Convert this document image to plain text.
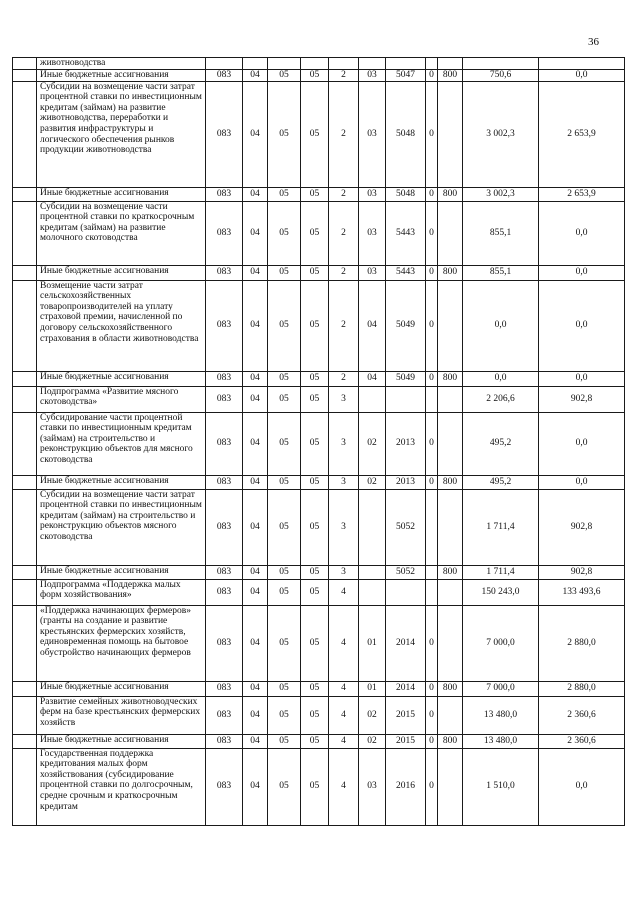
36
	животноводства											
	Иные бюджетные ассигнования	083	04	05	05	2	03	5047	0	800	750,6	0,0
	Субсидии на возмещение части затрат процентной ставки по инвестиционным кредитам (займам) на развитие животноводства, переработки и развития инфраструктуры и логического обеспечения рынков продукции животноводства	083	04	05	05	2	03	5048	0		3 002,3	2 653,9
	Иные бюджетные ассигнования	083	04	05	05	2	03	5048	0	800	3 002,3	2 653,9
	Субсидии на возмещение части процентной ставки по краткосрочным кредитам (займам) на развитие молочного скотоводства	083	04	05	05	2	03	5443	0		855,1	0,0
	Иные бюджетные ассигнования	083	04	05	05	2	03	5443	0	800	855,1	0,0
	Возмещение части затрат сельскохозяйственных товаропроизводителей на уплату страховой премии, начисленной по договору сельскохозяйственного страхования в области животноводства	083	04	05	05	2	04	5049	0		0,0	0,0
	Иные бюджетные ассигнования	083	04	05	05	2	04	5049	0	800	0,0	0,0
	Подпрограмма «Развитие мясного скотоводства»	083	04	05	05	3					2 206,6	902,8
	Субсидирование части процентной ставки по инвестиционным кредитам (займам) на строительство и реконструкцию объектов для мясного скотоводства	083	04	05	05	3	02	2013	0		495,2	0,0
	Иные бюджетные ассигнования	083	04	05	05	3	02	2013	0	800	495,2	0,0
	Субсидии на возмещение части затрат процентной ставки по инвестиционным кредитам (займам) на строительство и реконструкцию объектов мясного скотоводства	083	04	05	05	3		5052			1 711,4	902,8
	Иные бюджетные ассигнования	083	04	05	05	3		5052		800	1 711,4	902,8
	Подпрограмма «Поддержка малых форм хозяйствования»	083	04	05	05	4					150 243,0	133 493,6
	«Поддержка начинающих фермеров» (гранты на создание и развитие крестьянских фермерских хозяйств, единовременная помощь на бытовое обустройство начинающих фермеров	083	04	05	05	4	01	2014	0		7 000,0	2 880,0
	Иные бюджетные ассигнования	083	04	05	05	4	01	2014	0	800	7 000,0	2 880,0
	Развитие семейных животноводческих ферм на базе крестьянских фермерских хозяйств	083	04	05	05	4	02	2015	0		13 480,0	2 360,6
	Иные бюджетные ассигнования	083	04	05	05	4	02	2015	0	800	13 480,0	2 360,6
	Государственная поддержка кредитования малых форм хозяйствования (субсидирование процентной ставки по долгосрочным, средне срочным и краткосрочным кредитам	083	04	05	05	4	03	2016	0		1 510,0	0,0
